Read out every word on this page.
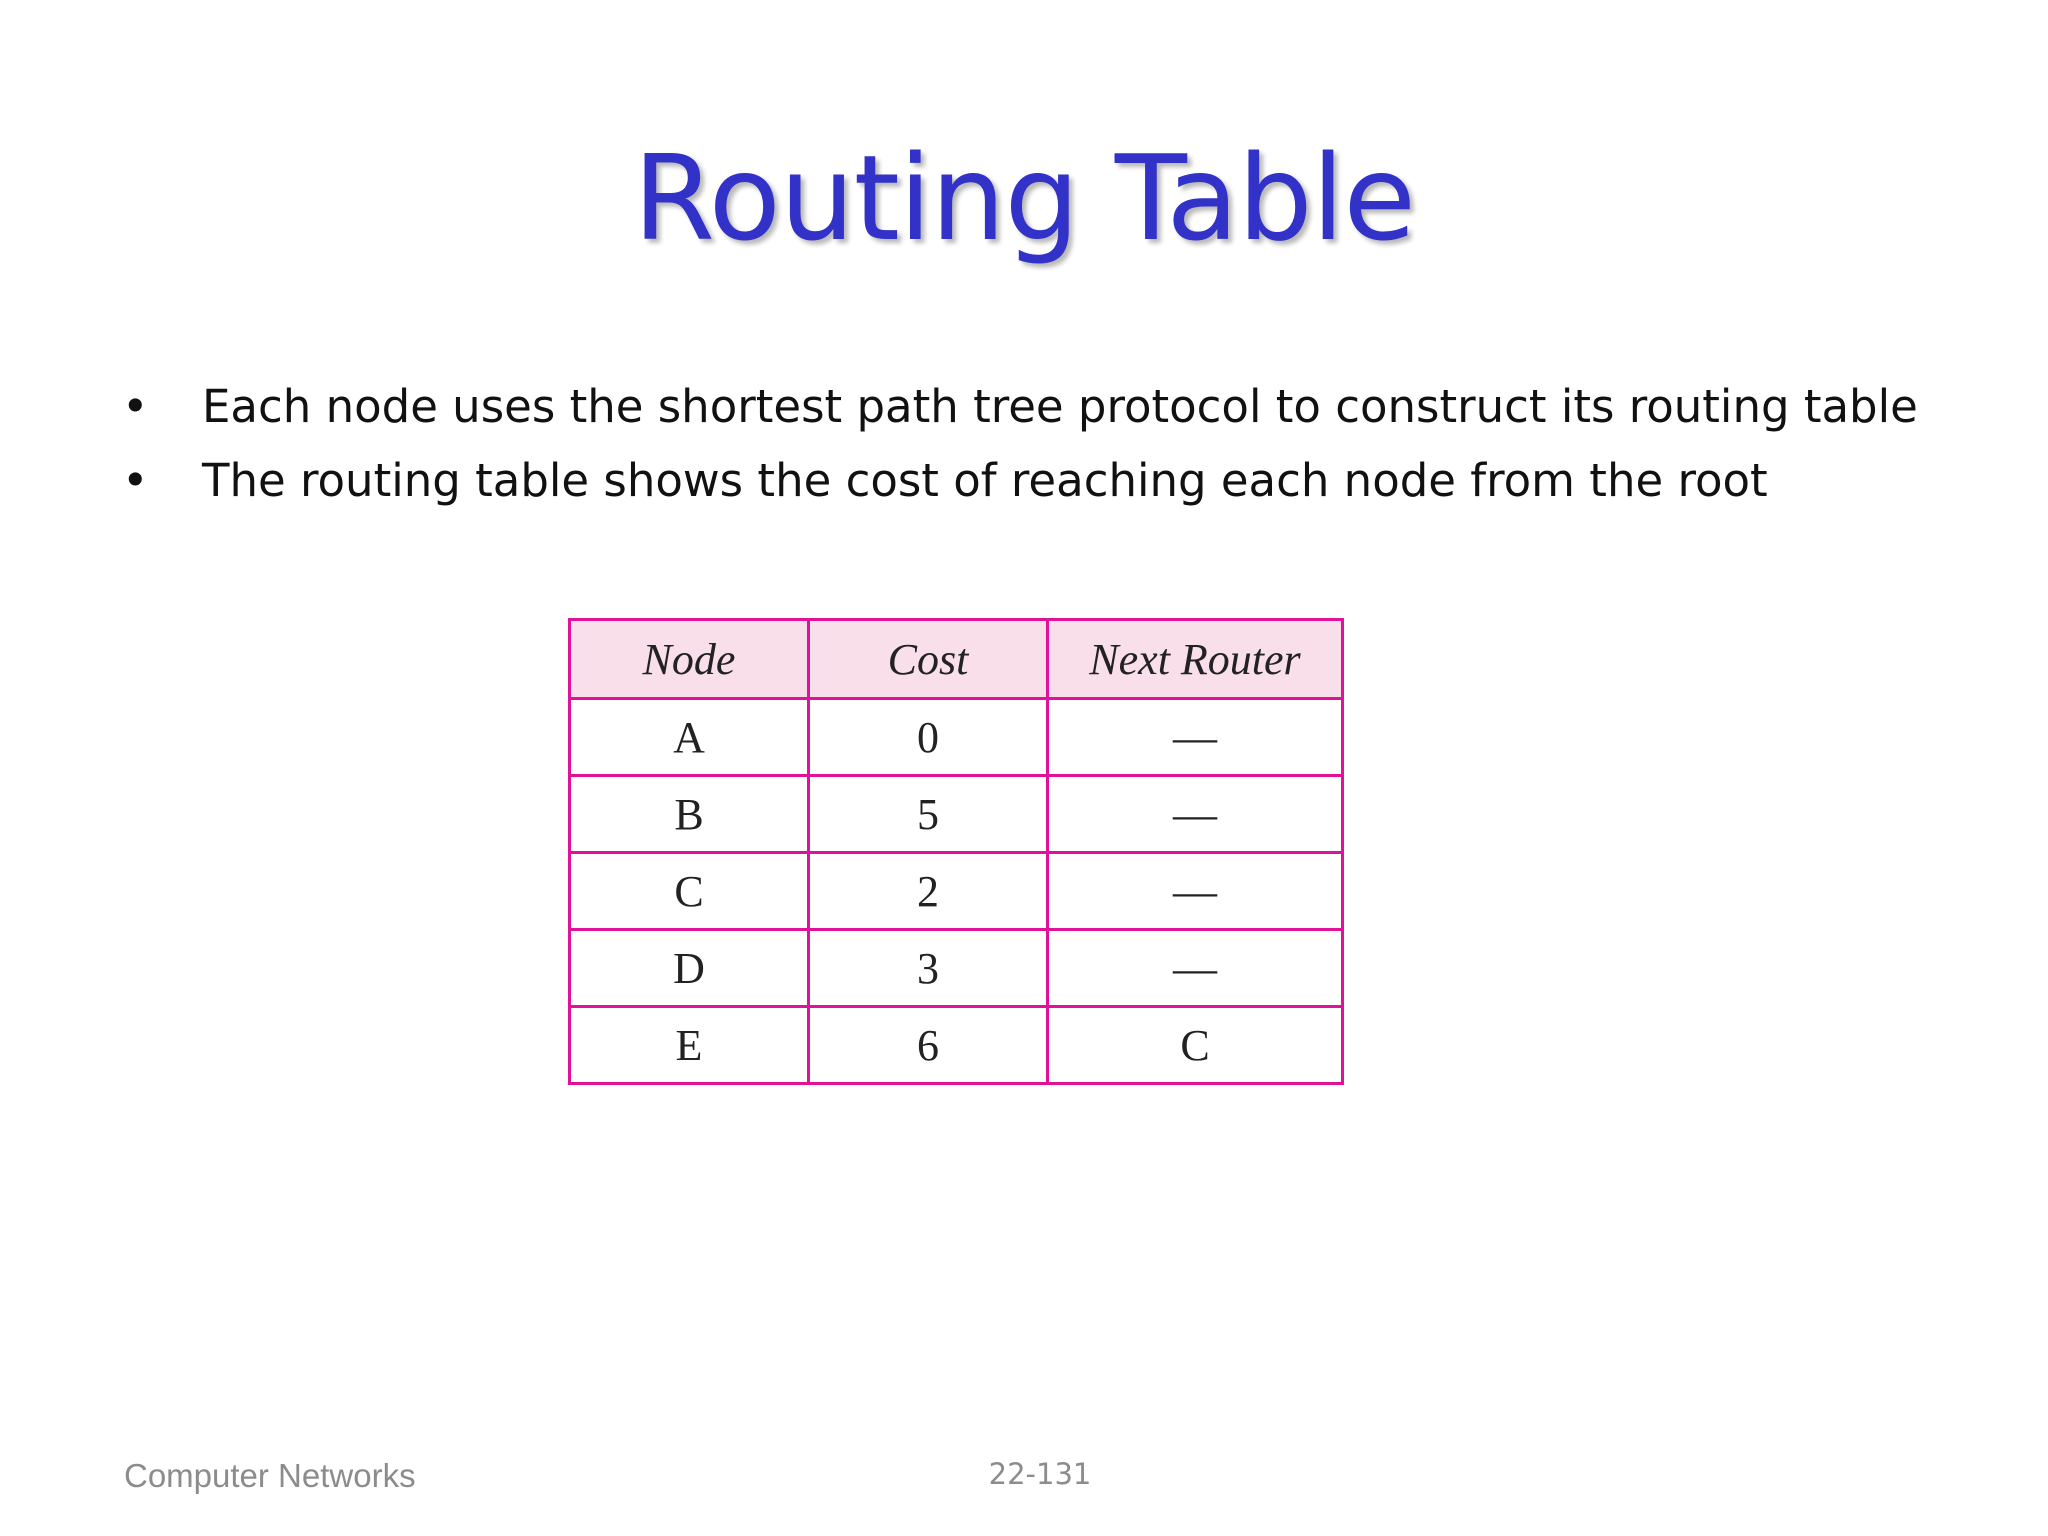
Routing Table
• Each node uses the shortest path tree protocol to construct its routing table
• The routing table shows the cost of reaching each node from the root
Node	Cost	Next Router
A	0	—
B	5	—
C	2	—
D	3	—
E	6	C
Computer Networks	22-131
